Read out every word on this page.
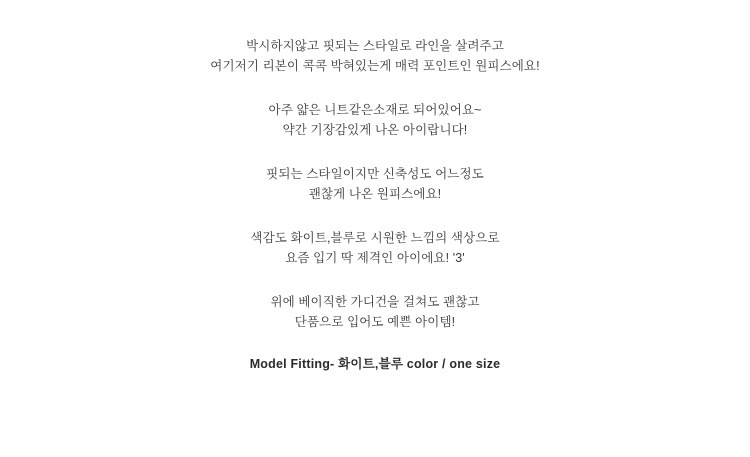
박시하지않고 핏되는 스타일로 라인을 살려주고
여기저기 리본이 콕콕 박혀있는게 매력 포인트인 원피스에요!
아주 얇은 니트같은소재로 되어있어요~
약간 기장감있게 나온 아이랍니다!
핏되는 스타일이지만 신축성도 어느정도
괜찮게 나온 원피스에요!
색감도 화이트,블루로 시원한 느낌의 색상으로
요즘 입기 딱 제격인 아이에요! '3'
위에 베이직한 가디건을 걸쳐도 괜찮고
단품으로 입어도 예쁜 아이템!
Model Fitting- 화이트,블루 color / one size
